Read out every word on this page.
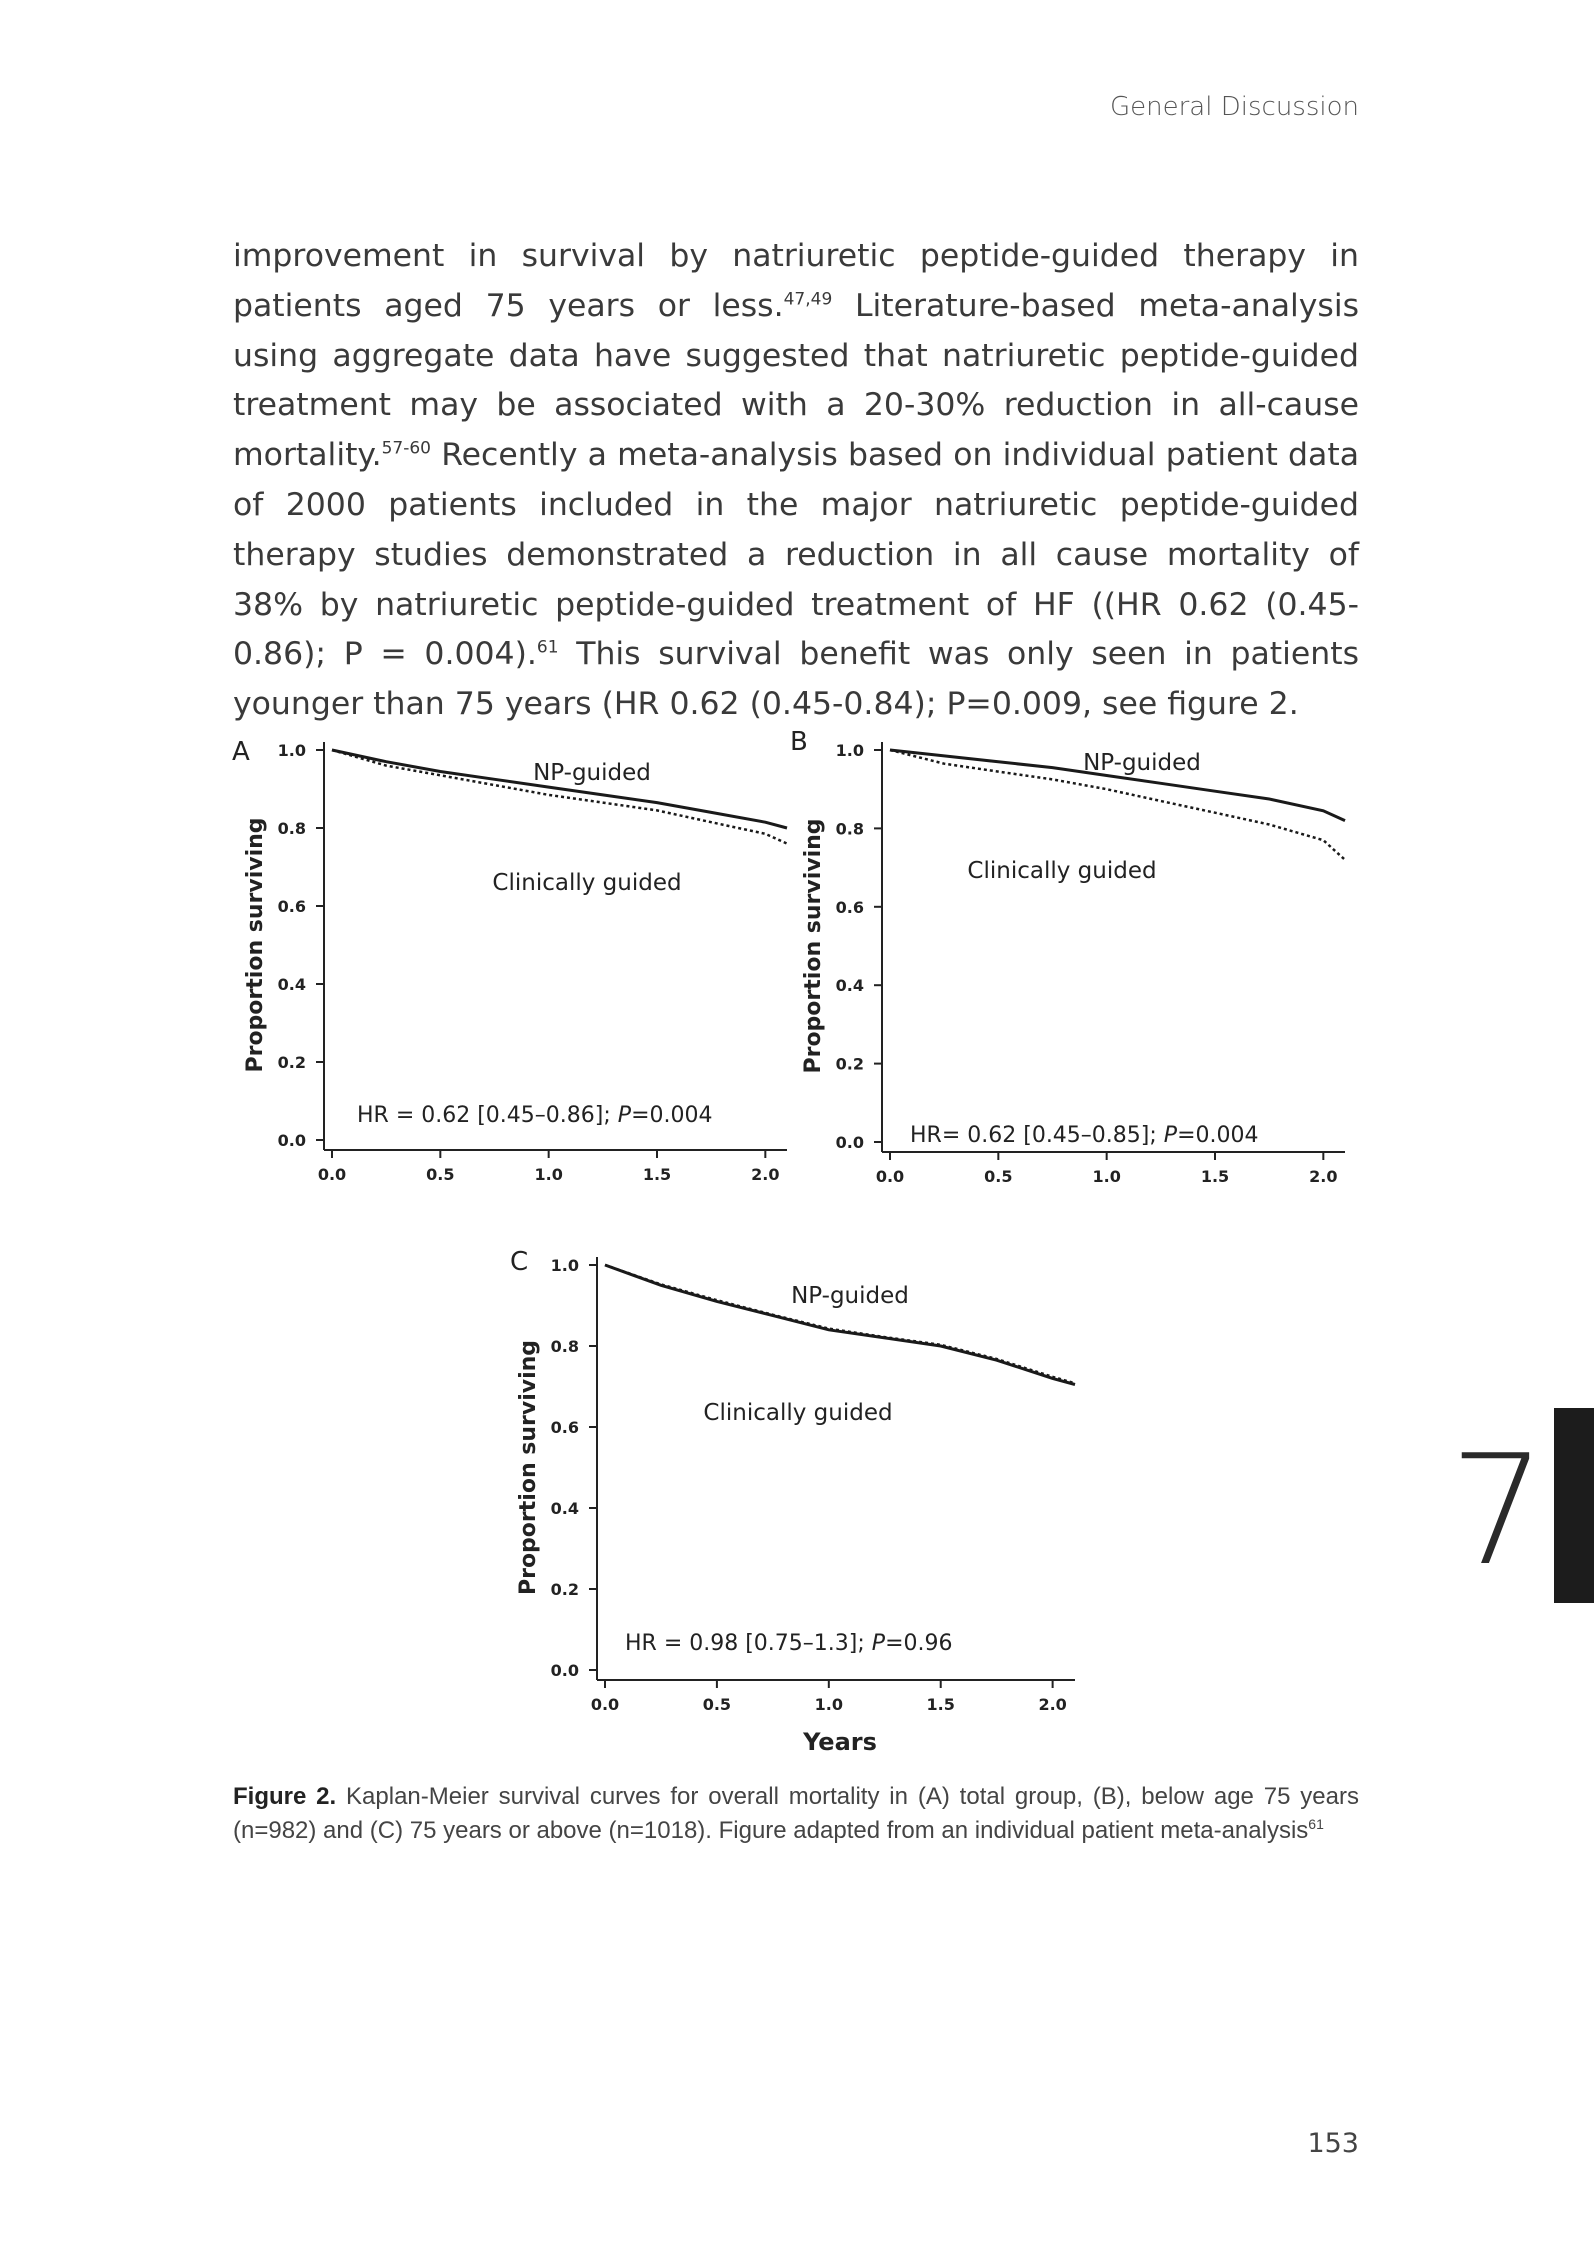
General Discussion

improvement in survival by natriuretic peptide-guided therapy in patients aged 75 years or less.$^{47,49}$ Literature-based meta-analysis using aggregate data have suggested that natriuretic peptide-guided treatment may be associated with a 20-30% reduction in all-cause mortality.$^{57-60}$ Recently a meta-analysis based on individual patient data of 2000 patients included in the major natriuretic peptide-guided therapy studies demonstrated a reduction in all cause mortality of 38% by natriuretic peptide-guided treatment of HF ((HR 0.62 (0.45-0.86); P = 0.004).$^{61}$ This survival benefit was only seen in patients younger than 75 years (HR 0.62 (0.45-0.84); P=0.009, see figure 2.

0.0
0.2
0.4
0.6
0.8
1.0
0.0	0.5	1.0	1.5	2.0
Proportion surviving
A
NP-guided
Clinically guided
HR = 0.62 [0.45–0.86]; P=0.004
0.0
0.2
0.4
0.6
0.8
1.0
0.0	0.5	1.0	1.5	2.0
Proportion surviving
B
NP-guided
Clinically guided
HR= 0.62 [0.45–0.85]; P=0.004
0.0
0.2
0.4
0.6
0.8
1.0
0.0	0.5	1.0	1.5	2.0
Proportion surviving
Years
C
NP-guided
Clinically guided
HR = 0.98 [0.75–1.3]; P=0.96
Figure 2. Kaplan-Meier survival curves for overall mortality in (A) total group, (B), below age 75 years (n=982) and (C) 75 years or above (n=1018). Figure adapted from an individual patient meta-analysis$^{61}$
7
153
